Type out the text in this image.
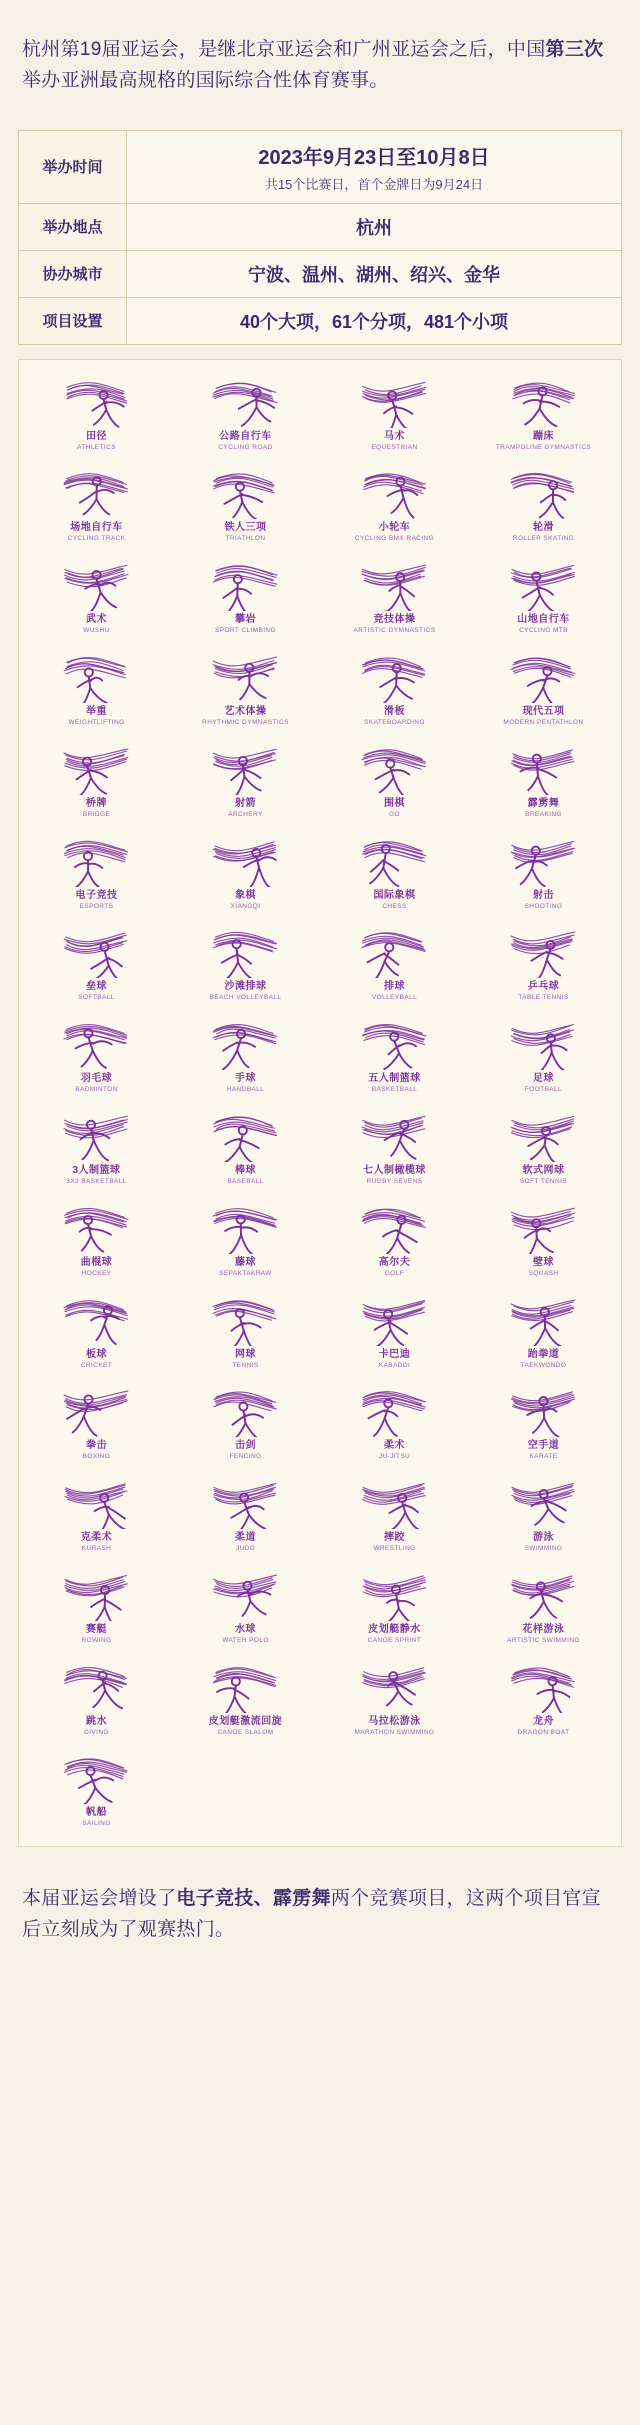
杭州第19届亚运会，是继北京亚运会和广州亚运会之后，中国第三次举办亚洲最高规格的国际综合性体育赛事。

举办时间	2023年9月23日至10月8日
共15个比赛日，首个金牌日为9月24日

举办地点	杭州
协办城市	宁波、温州、湖州、绍兴、金华
项目设置	40个大项，61个分项，481个小项
田径
ATHLETICS
公路自行车
CYCLING ROAD
马术
EQUESTRIAN
蹦床
TRAMPOLINE GYMNASTICS
场地自行车
CYCLING TRACK
铁人三项
TRIATHLON
小轮车
CYCLING BMX RACING
轮滑
ROLLER SKATING
武术
WUSHU
攀岩
SPORT CLIMBING
竞技体操
ARTISTIC GYMNASTICS
山地自行车
CYCLING MTB
举重
WEIGHTLIFTING
艺术体操
RHYTHMIC GYMNASTICS
滑板
SKATEBOARDING
现代五项
MODERN PENTATHLON
桥牌
BRIDGE
射箭
ARCHERY
围棋
GO
霹雳舞
BREAKING
电子竞技
ESPORTS
象棋
XIANGQI
国际象棋
CHESS
射击
SHOOTING
垒球
SOFTBALL
沙滩排球
BEACH VOLLEYBALL
排球
VOLLEYBALL
乒乓球
TABLE TENNIS
羽毛球
BADMINTON
手球
HANDBALL
五人制篮球
BASKETBALL
足球
FOOTBALL
3人制篮球
3X3 BASKETBALL
棒球
BASEBALL
七人制橄榄球
RUGBY SEVENS
软式网球
SOFT TENNIS
曲棍球
HOCKEY
藤球
SEPAKTAKRAW
高尔夫
GOLF
壁球
SQUASH
板球
CRICKET
网球
TENNIS
卡巴迪
KABADDI
跆拳道
TAEKWONDO
拳击
BOXING
击剑
FENCING
柔术
JU-JITSU
空手道
KARATE
克柔术
KURASH
柔道
JUDO
摔跤
WRESTLING
游泳
SWIMMING
赛艇
ROWING
水球
WATER POLO
皮划艇静水
CANOE SPRINT
花样游泳
ARTISTIC SWIMMING
跳水
DIVING
皮划艇激流回旋
CANOE SLALOM
马拉松游泳
MARATHON SWIMMING
龙舟
DRAGON BOAT
帆船
SAILING

本届亚运会增设了电子竞技、霹雳舞两个竞赛项目，这两个项目官宣后立刻成为了观赛热门。
